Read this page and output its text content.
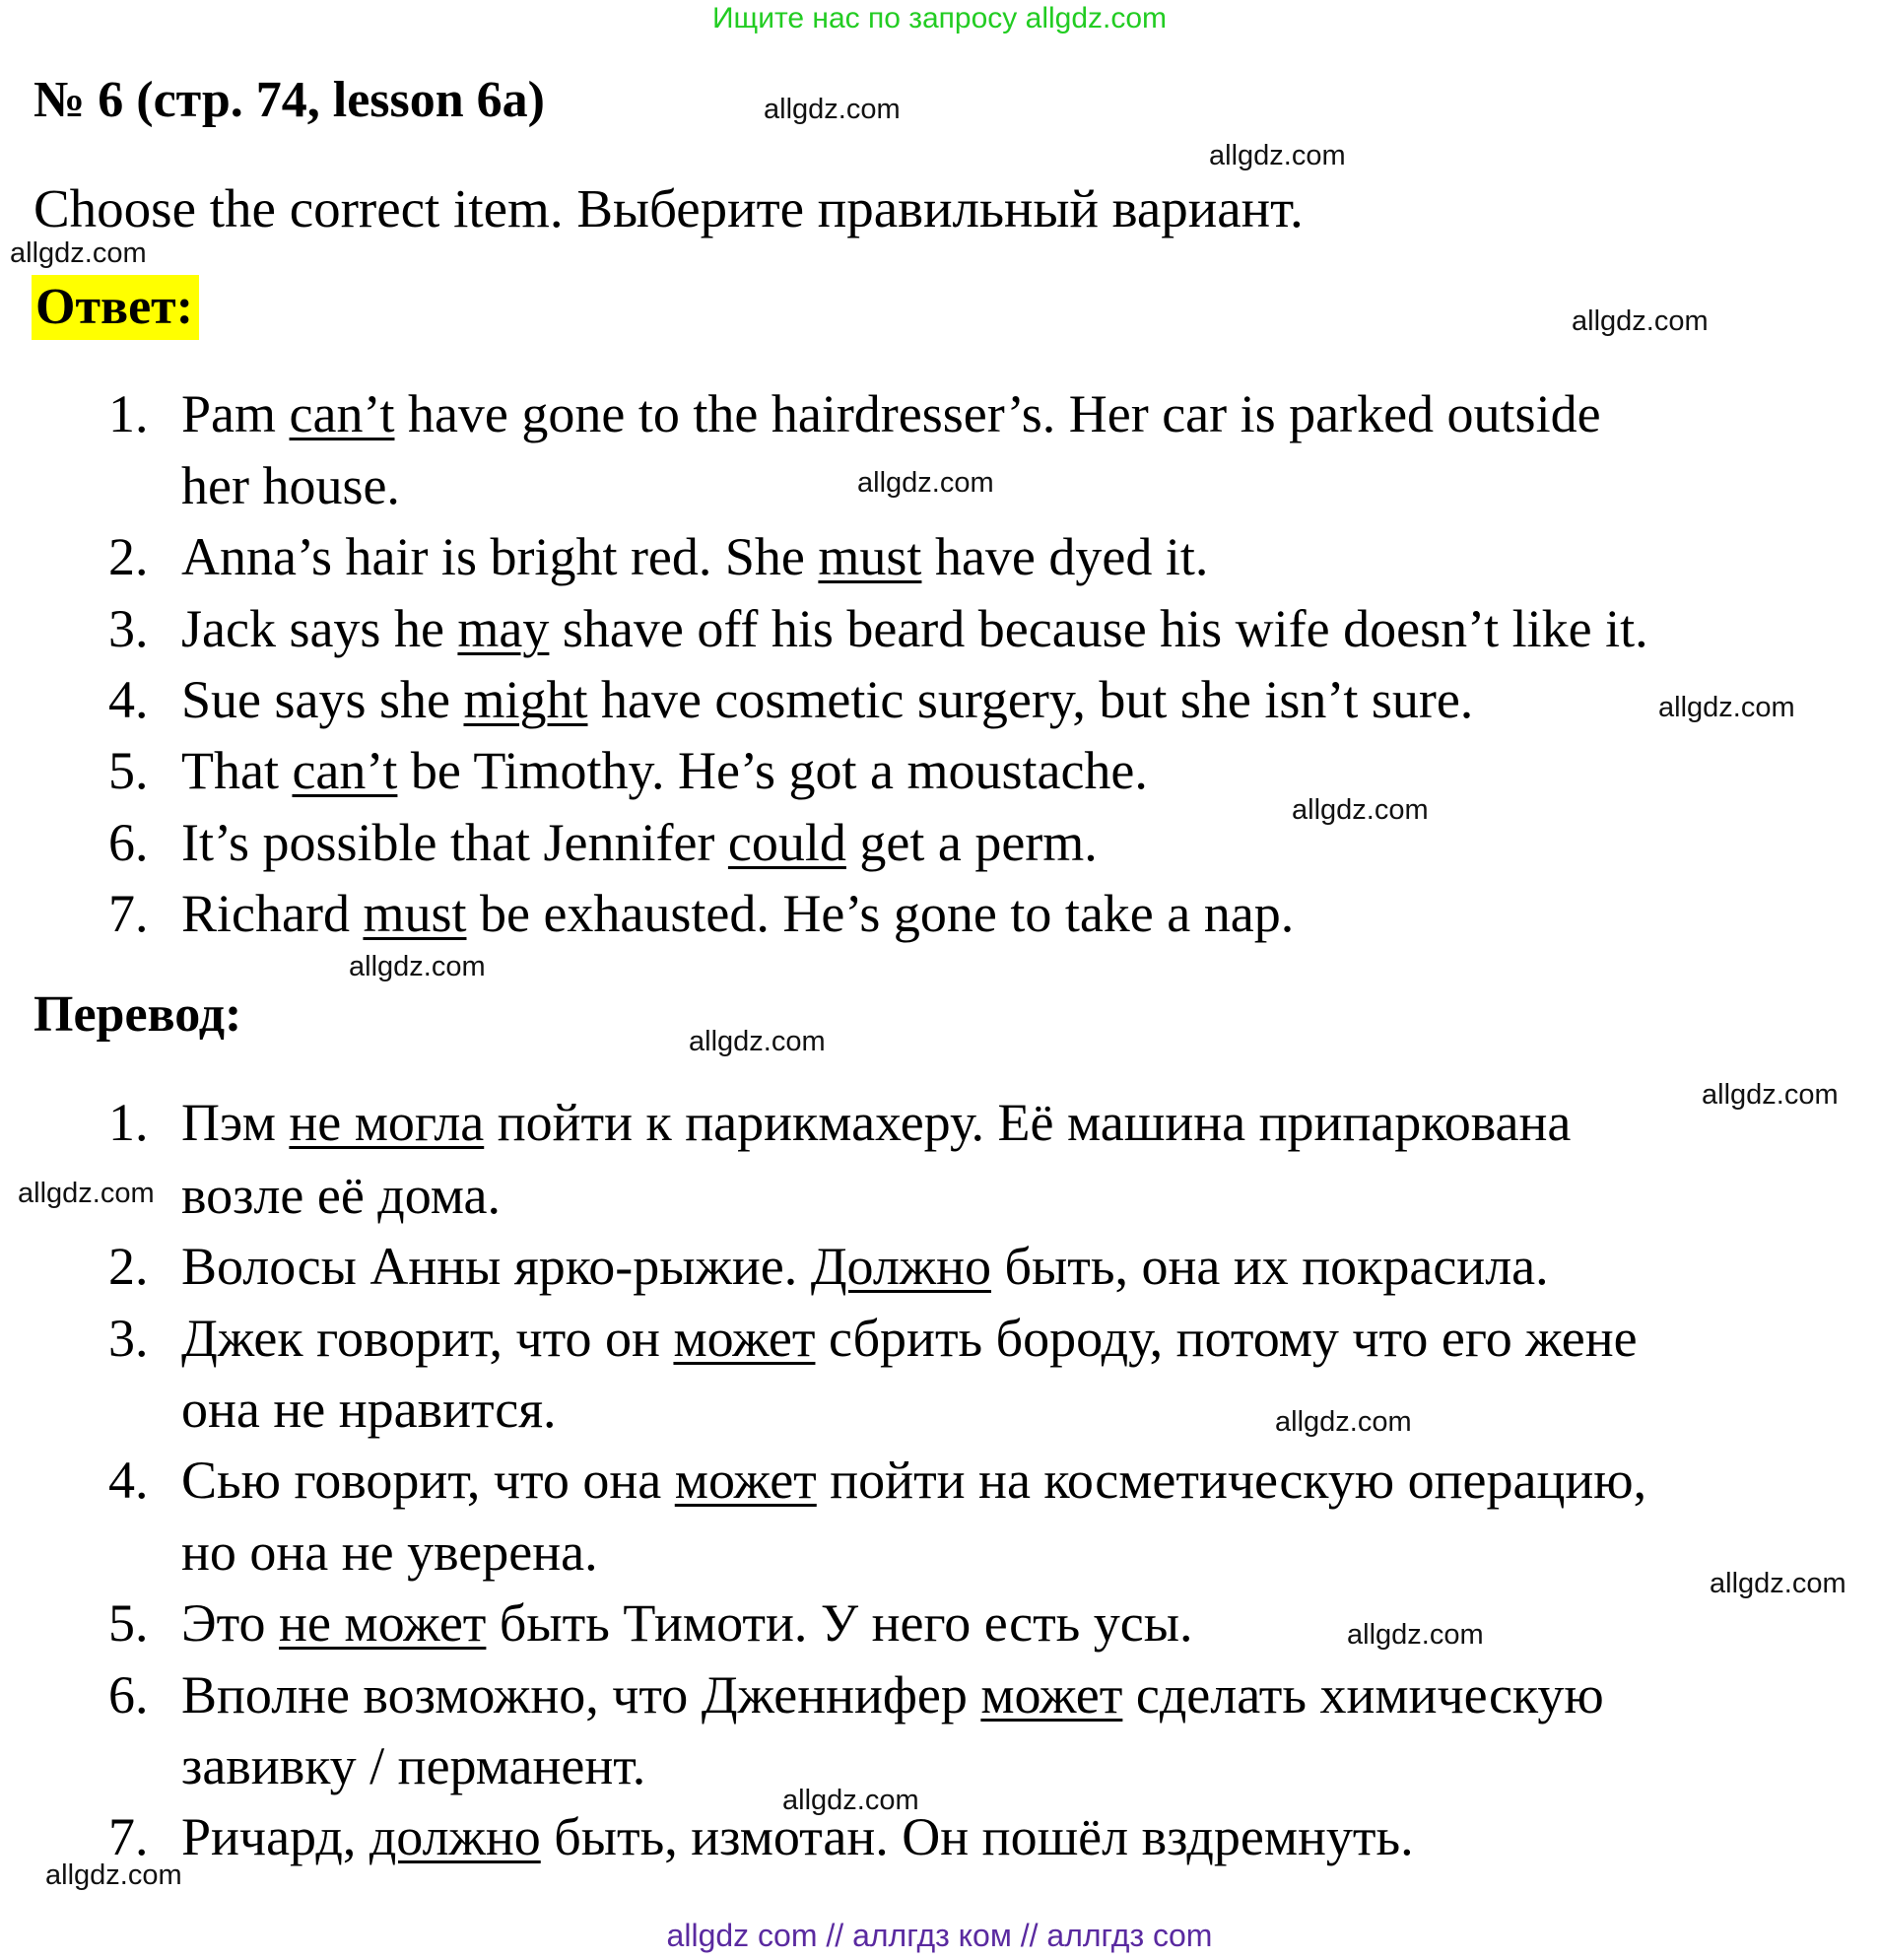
Ищите нас по запросу allgdz.com
№ 6 (стр. 74, lesson 6a)
Choose the correct item. Выберите правильный вариант.
Ответ:
Перевод:
1. Pam can’t have gone to the hairdresser’s. Her car is parked outside
her house.
2. Anna’s hair is bright red. She must have dyed it.
3. Jack says he may shave off his beard because his wife doesn’t like it.
4. Sue says she might have cosmetic surgery, but she isn’t sure.
5. That can’t be Timothy. He’s got a moustache.
6. It’s possible that Jennifer could get a perm.
7. Richard must be exhausted. He’s gone to take a nap.
1. Пэм не могла пойти к парикмахеру. Её машина припаркована
возле её дома.
2. Волосы Анны ярко-рыжие. Должно быть, она их покрасила.
3. Джек говорит, что он может сбрить бороду, потому что его жене
она не нравится.
4. Сью говорит, что она может пойти на косметическую операцию,
но она не уверена.
5. Это не может быть Тимоти. У него есть усы.
6. Вполне возможно, что Дженнифер может сделать химическую
завивку / перманент.
7. Ричард, должно быть, измотан. Он пошёл вздремнуть.
allgdz.com
allgdz.com
allgdz.com
allgdz.com
allgdz.com
allgdz.com
allgdz.com
allgdz.com
allgdz.com
allgdz.com
allgdz.com
allgdz.com
allgdz.com
allgdz.com
allgdz.com
allgdz.com
allgdz com // аллгдз ком // аллгдз com
